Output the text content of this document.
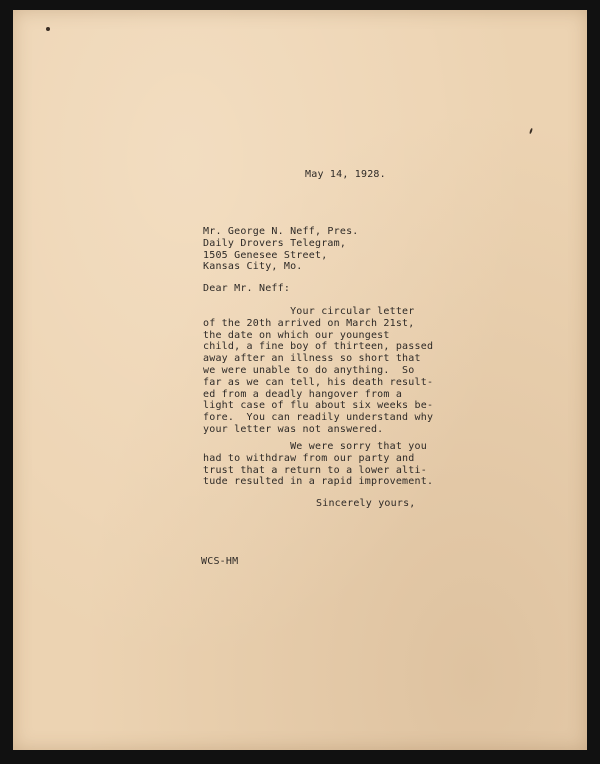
May 14, 1928.
Mr. George N. Neff, Pres.
Daily Drovers Telegram,
1505 Genesee Street,
Kansas City, Mo.
Dear Mr. Neff:
Your circular letter
of the 20th arrived on March 21st,
the date on which our youngest
child, a fine boy of thirteen, passed
away after an illness so short that
we were unable to do anything.  So
far as we can tell, his death result-
ed from a deadly hangover from a
light case of flu about six weeks be-
fore.  You can readily understand why
your letter was not answered.
We were sorry that you
had to withdraw from our party and
trust that a return to a lower alti-
tude resulted in a rapid improvement.
Sincerely yours,
WCS-HM
